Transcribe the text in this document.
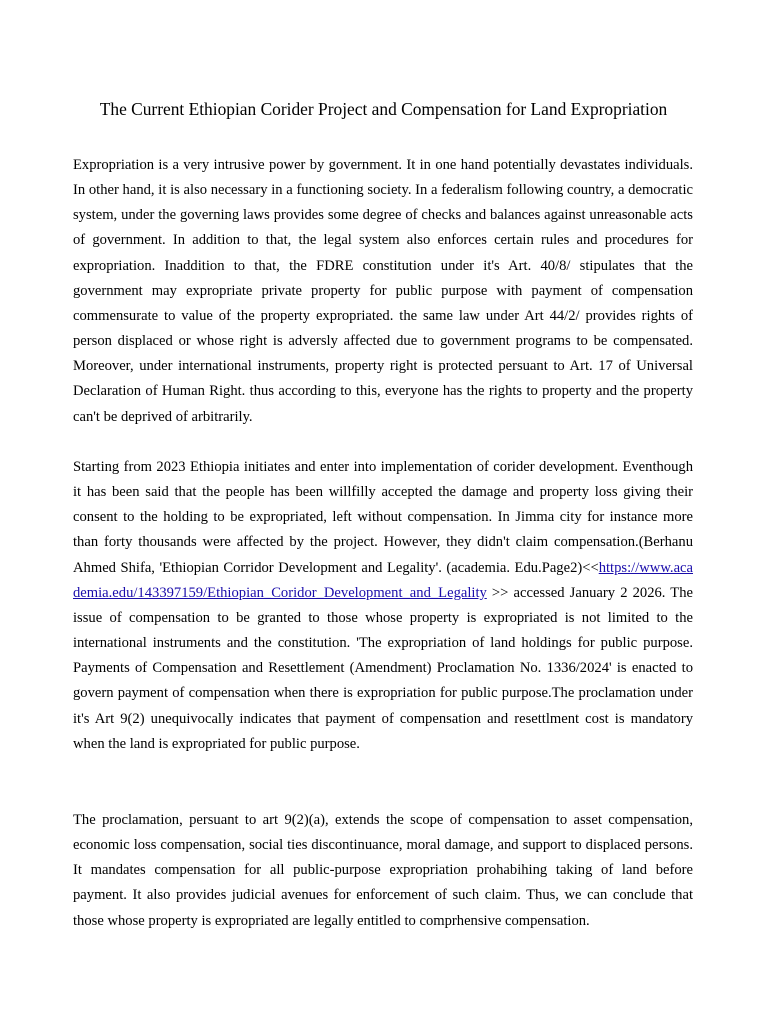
The Current Ethiopian Corider Project and Compensation for Land Expropriation

Expropriation is a very intrusive power by government. It in one hand potentially devastates individuals. In other hand, it is also necessary in a functioning society. In a federalism following country, a democratic system, under the governing laws provides some degree of checks and balances against unreasonable acts of government. In addition to that, the legal system also enforces certain rules and procedures for expropriation. Inaddition to that, the FDRE constitution under it's Art. 40/8/ stipulates that the government may expropriate private property for public purpose with payment of compensation commensurate to value of the property expropriated. the same law under Art 44/2/ provides rights of person displaced or whose right is adversly affected due to government programs to be compensated. Moreover, under international instruments, property right is protected persuant to Art. 17 of Universal Declaration of Human Right. thus according to this, everyone has the rights to property and the property can't be deprived of arbitrarily.

Starting from 2023 Ethiopia initiates and enter into implementation of corider development. Eventhough it has been said that the people has been willfilly accepted the damage and property loss giving their consent to the holding to be expropriated, left without compensation. In Jimma city for instance more than forty thousands were affected by the project. However, they didn't claim compensation.(Berhanu Ahmed Shifa, 'Ethiopian Corridor Development and Legality'. (academia. Edu.Page2)<<https://www.academia.edu/143397159/Ethiopian_Coridor_Development_and_Legality >> accessed January 2 2026. The issue of compensation to be granted to those whose property is expropriated is not limited to the international instruments and the constitution. 'The expropriation of land holdings for public purpose. Payments of Compensation and Resettlement (Amendment) Proclamation No. 1336/2024' is enacted to govern payment of compensation when there is expropriation for public purpose.The proclamation under it's Art 9(2) unequivocally indicates that payment of compensation and resettlment cost is mandatory when the land is expropriated for public purpose.

The proclamation, persuant to art 9(2)(a), extends the scope of compensation to asset compensation, economic loss compensation, social ties discontinuance, moral damage, and support to displaced persons. It mandates compensation for all public-purpose expropriation prohabihing taking of land before payment. It also provides judicial avenues for enforcement of such claim. Thus, we can conclude that those whose property is expropriated are legally entitled to comprhensive compensation.
